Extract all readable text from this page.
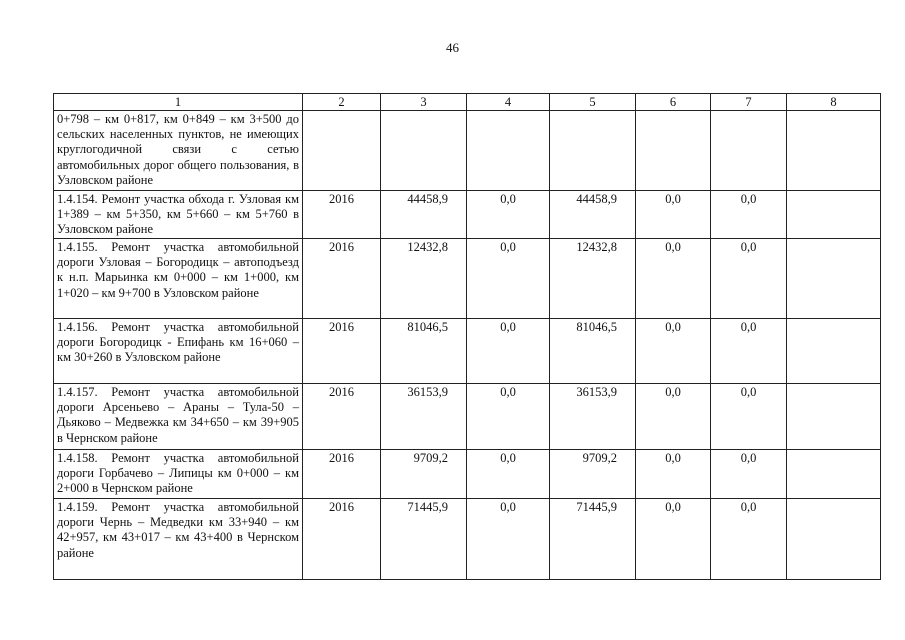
46
1	2	3	4	5	6	7	8
0+798 – км 0+817, км 0+849 – км 3+500 до сельских населенных пунктов, не имеющих круглогодичной связи с сетью автомобильных дорог общего пользования, в Узловском районе							
1.4.154. Ремонт участка обхода г. Узловая км 1+389 – км 5+350, км 5+660 – км 5+760 в Узловском районе	2016	44458,9	0,0	44458,9	0,0	0,0	
1.4.155. Ремонт участка автомобильной дороги Узловая – Богородицк – автоподъезд к н.п. Марьинка км 0+000 – км 1+000, км 1+020 – км 9+700 в Узловском районе	2016	12432,8	0,0	12432,8	0,0	0,0	
1.4.156. Ремонт участка автомобильной дороги Богородицк - Епифань км 16+060 – км 30+260 в Узловском районе	2016	81046,5	0,0	81046,5	0,0	0,0	
1.4.157. Ремонт участка автомобильной дороги Арсеньево – Араны – Тула-50 – Дьяково – Медвежка км 34+650 – км 39+905 в Чернском районе	2016	36153,9	0,0	36153,9	0,0	0,0	
1.4.158. Ремонт участка автомобильной дороги Горбачево – Липицы км 0+000 – км 2+000 в Чернском районе	2016	9709,2	0,0	9709,2	0,0	0,0	
1.4.159. Ремонт участка автомобильной дороги Чернь – Медведки км 33+940 – км 42+957, км 43+017 – км 43+400 в Чернском районе	2016	71445,9	0,0	71445,9	0,0	0,0	
